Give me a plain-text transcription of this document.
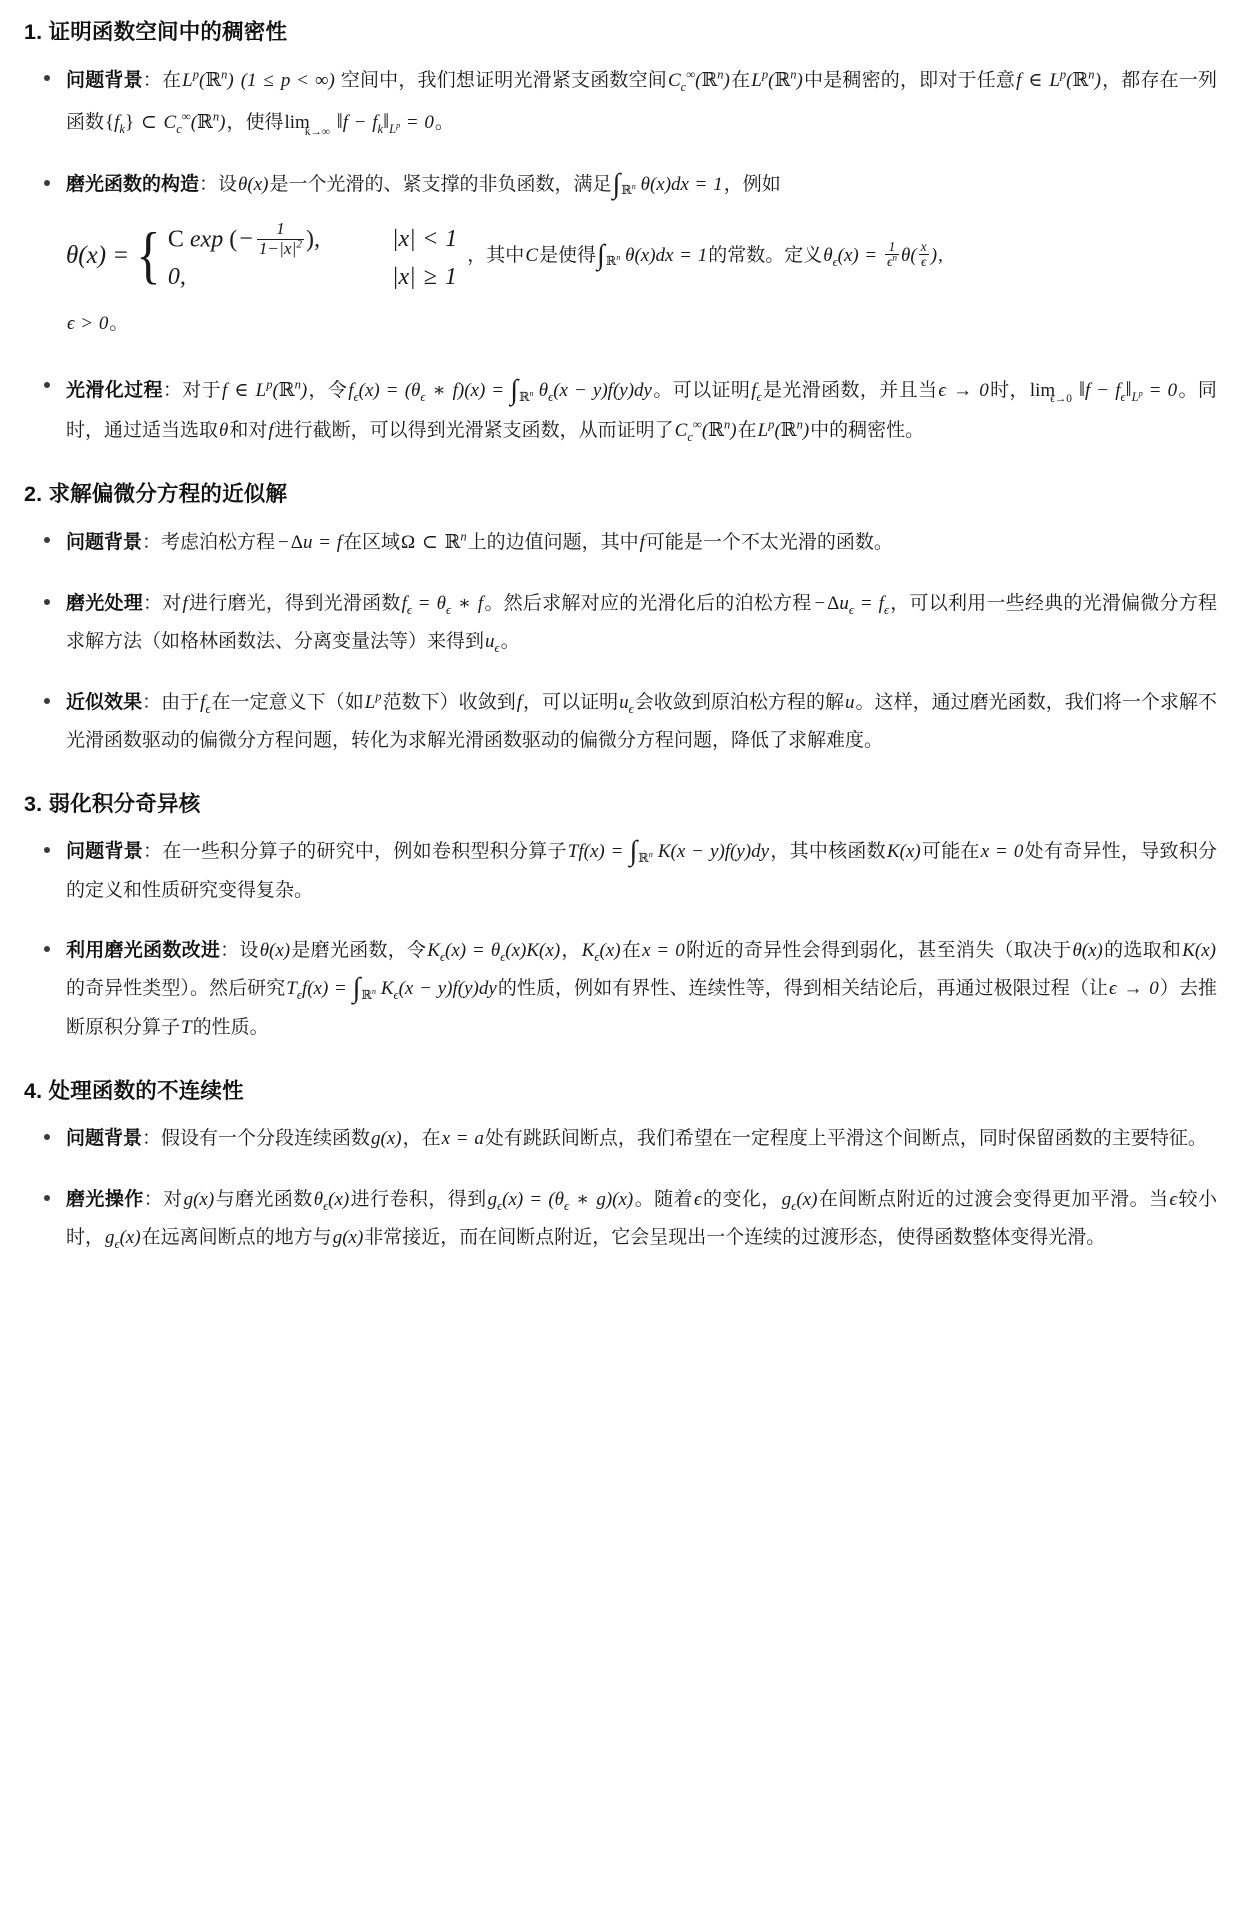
1. 证明函数空间中的稠密性

问题背景：在$L^p(ℝ^n) (1 \le p$ < ∞) 空间中，我们想证明光滑紧支函数空间$C_c^\infty(ℝ^n)$在$L^p(ℝ^n)$中是稠密的，即对于任意f ∈ $L^p(ℝ^n)$，都存在一列函数$\{f_k\}$ ⊂ $C_c^\infty(ℝ^n)$，使得limk→∞ ‖f − $f_k‖_{L^p} = 0$。

磨光函数的构造：设θ(x)是一个光滑的、紧支撑的非负函数，满足$\int_{ℝ^n}$ θ(x)dx = 1，例如

θ(x) = { C exp (− $\frac{1}{1-|x|^2}$ ),	|x| < 1
0,	|x| ≥ 1
，其中C是使得$\int_{ℝ^n}$ θ(x)dx = 1的常数。定义$\theta_\epsilon(x) = \frac{1}{\epsilon^n} \theta( \frac{x}{\epsilon}$ ),
ϵ > 0。

光滑化过程：对于f ∈ $L^p(ℝ^n)$，令$f_\epsilon(x) = (\theta_\epsilon$ ∗ $f)(x) = \int_{ℝ^n}$ $\theta_\epsilon(x - y)f(y)dy$。可以证明$f_\epsilon$是光滑函数，并且当ϵ → 0时，limϵ→0 ‖f − $f_\epsilon‖_{L^p} = 0$。同时，通过适当选取θ和对f进行截断，可以得到光滑紧支函数，从而证明了$C_c^\infty(ℝ^n)$在$L^p(ℝ^n)$中的稠密性。

2. 求解偏微分方程的近似解

问题背景：考虑泊松方程 − Δu = f在区域Ω ⊂ ℝ$^n$上的边值问题，其中f可能是一个不太光滑的函数。

磨光处理：对f进行磨光，得到光滑函数$f_\epsilon = \theta_\epsilon$ ∗ f。然后求解对应的光滑化后的泊松方程 − $\Delta u_\epsilon = f_\epsilon$，可以利用一些经典的光滑偏微分方程求解方法（如格林函数法、分离变量法等）来得到$u_\epsilon$。

近似效果：由于$f_\epsilon$在一定意义下（如$L^p$范数下）收敛到f，可以证明$u_\epsilon$会收敛到原泊松方程的解u。这样，通过磨光函数，我们将一个求解不光滑函数驱动的偏微分方程问题，转化为求解光滑函数驱动的偏微分方程问题，降低了求解难度。

3. 弱化积分奇异核

问题背景：在一些积分算子的研究中，例如卷积型积分算子$Tf(x) = \int_{ℝ^n}$ K(x − y)f(y)dy，其中核函数K(x)可能在x = 0处有奇异性，导致积分的定义和性质研究变得复杂。

利用磨光函数改进：设θ(x)是磨光函数，令$K_\epsilon(x) = \theta_\epsilon(x)K(x)$，$K_\epsilon(x)$在x = 0附近的奇异性会得到弱化，甚至消失（取决于θ(x)的选取和K(x)的奇异性类型）。然后研究$T_\epsilon f(x) = \int_{ℝ^n}$ $K_\epsilon(x - y)f(y)dy$的性质，例如有界性、连续性等，得到相关结论后，再通过极限过程（让ϵ → 0）去推断原积分算子T的性质。

4. 处理函数的不连续性

问题背景：假设有一个分段连续函数g(x)，在x = a处有跳跃间断点，我们希望在一定程度上平滑这个间断点，同时保留函数的主要特征。

磨光操作：对g(x)与磨光函数$\theta_\epsilon(x)$进行卷积，得到$g_\epsilon(x) = (\theta_\epsilon$ ∗ g)(x)。随着ϵ的变化，$g_\epsilon(x)$在间断点附近的过渡会变得更加平滑。当ϵ较小时，$g_\epsilon(x)$在远离间断点的地方与g(x)非常接近，而在间断点附近，它会呈现出一个连续的过渡形态，使得函数整体变得光滑。
